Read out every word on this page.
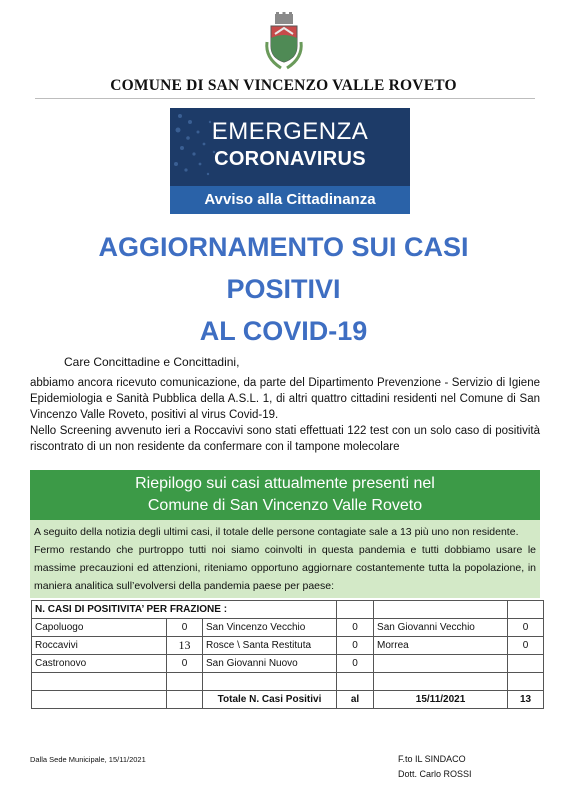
COMUNE DI SAN VINCENZO VALLE ROVETO
EMERGENZA
CORONAVIRUS
Avviso alla Cittadinanza
AGGIORNAMENTO SUI CASI
POSITIVI
AL COVID-19
Care Concittadine e Concittadini,

abbiamo ancora ricevuto comunicazione, da parte del Dipartimento Prevenzione - Servizio di Igiene Epidemiologia e Sanità Pubblica della A.S.L. 1, di altri quattro cittadini residenti nel Comune di San Vincenzo Valle Roveto, positivi al virus Covid-19.

Nello Screening avvenuto ieri a Roccavivi sono stati effettuati 122 test con un solo caso di positività riscontrato di un non residente da confermare con il tampone molecolare

Riepilogo sui casi attualmente presenti nel
Comune di San Vincenzo Valle Roveto

A seguito della notizia degli ultimi casi, il totale delle persone contagiate sale a 13 più uno non residente.

Fermo restando che purtroppo tutti noi siamo coinvolti in questa pandemia e tutti dobbiamo usare le massime precauzioni ed attenzioni, riteniamo opportuno aggiornare costantemente tutta la popolazione, in maniera analitica sull’evolversi della pandemia paese per paese:

N. CASI DI POSITIVITA’ PER FRAZIONE :					
Capoluogo	0	San Vincenzo Vecchio	0	San Giovanni Vecchio	0
Roccavivi	13	Rosce \ Santa Restituta	0	Morrea	0
Castronovo	0	San Giovanni Nuovo	0		

		Totale N. Casi Positivi	al	15/11/2021	13
Dalla Sede Municipale, 15/11/2021	F.to IL SINDACO
Dott. Carlo ROSSI
